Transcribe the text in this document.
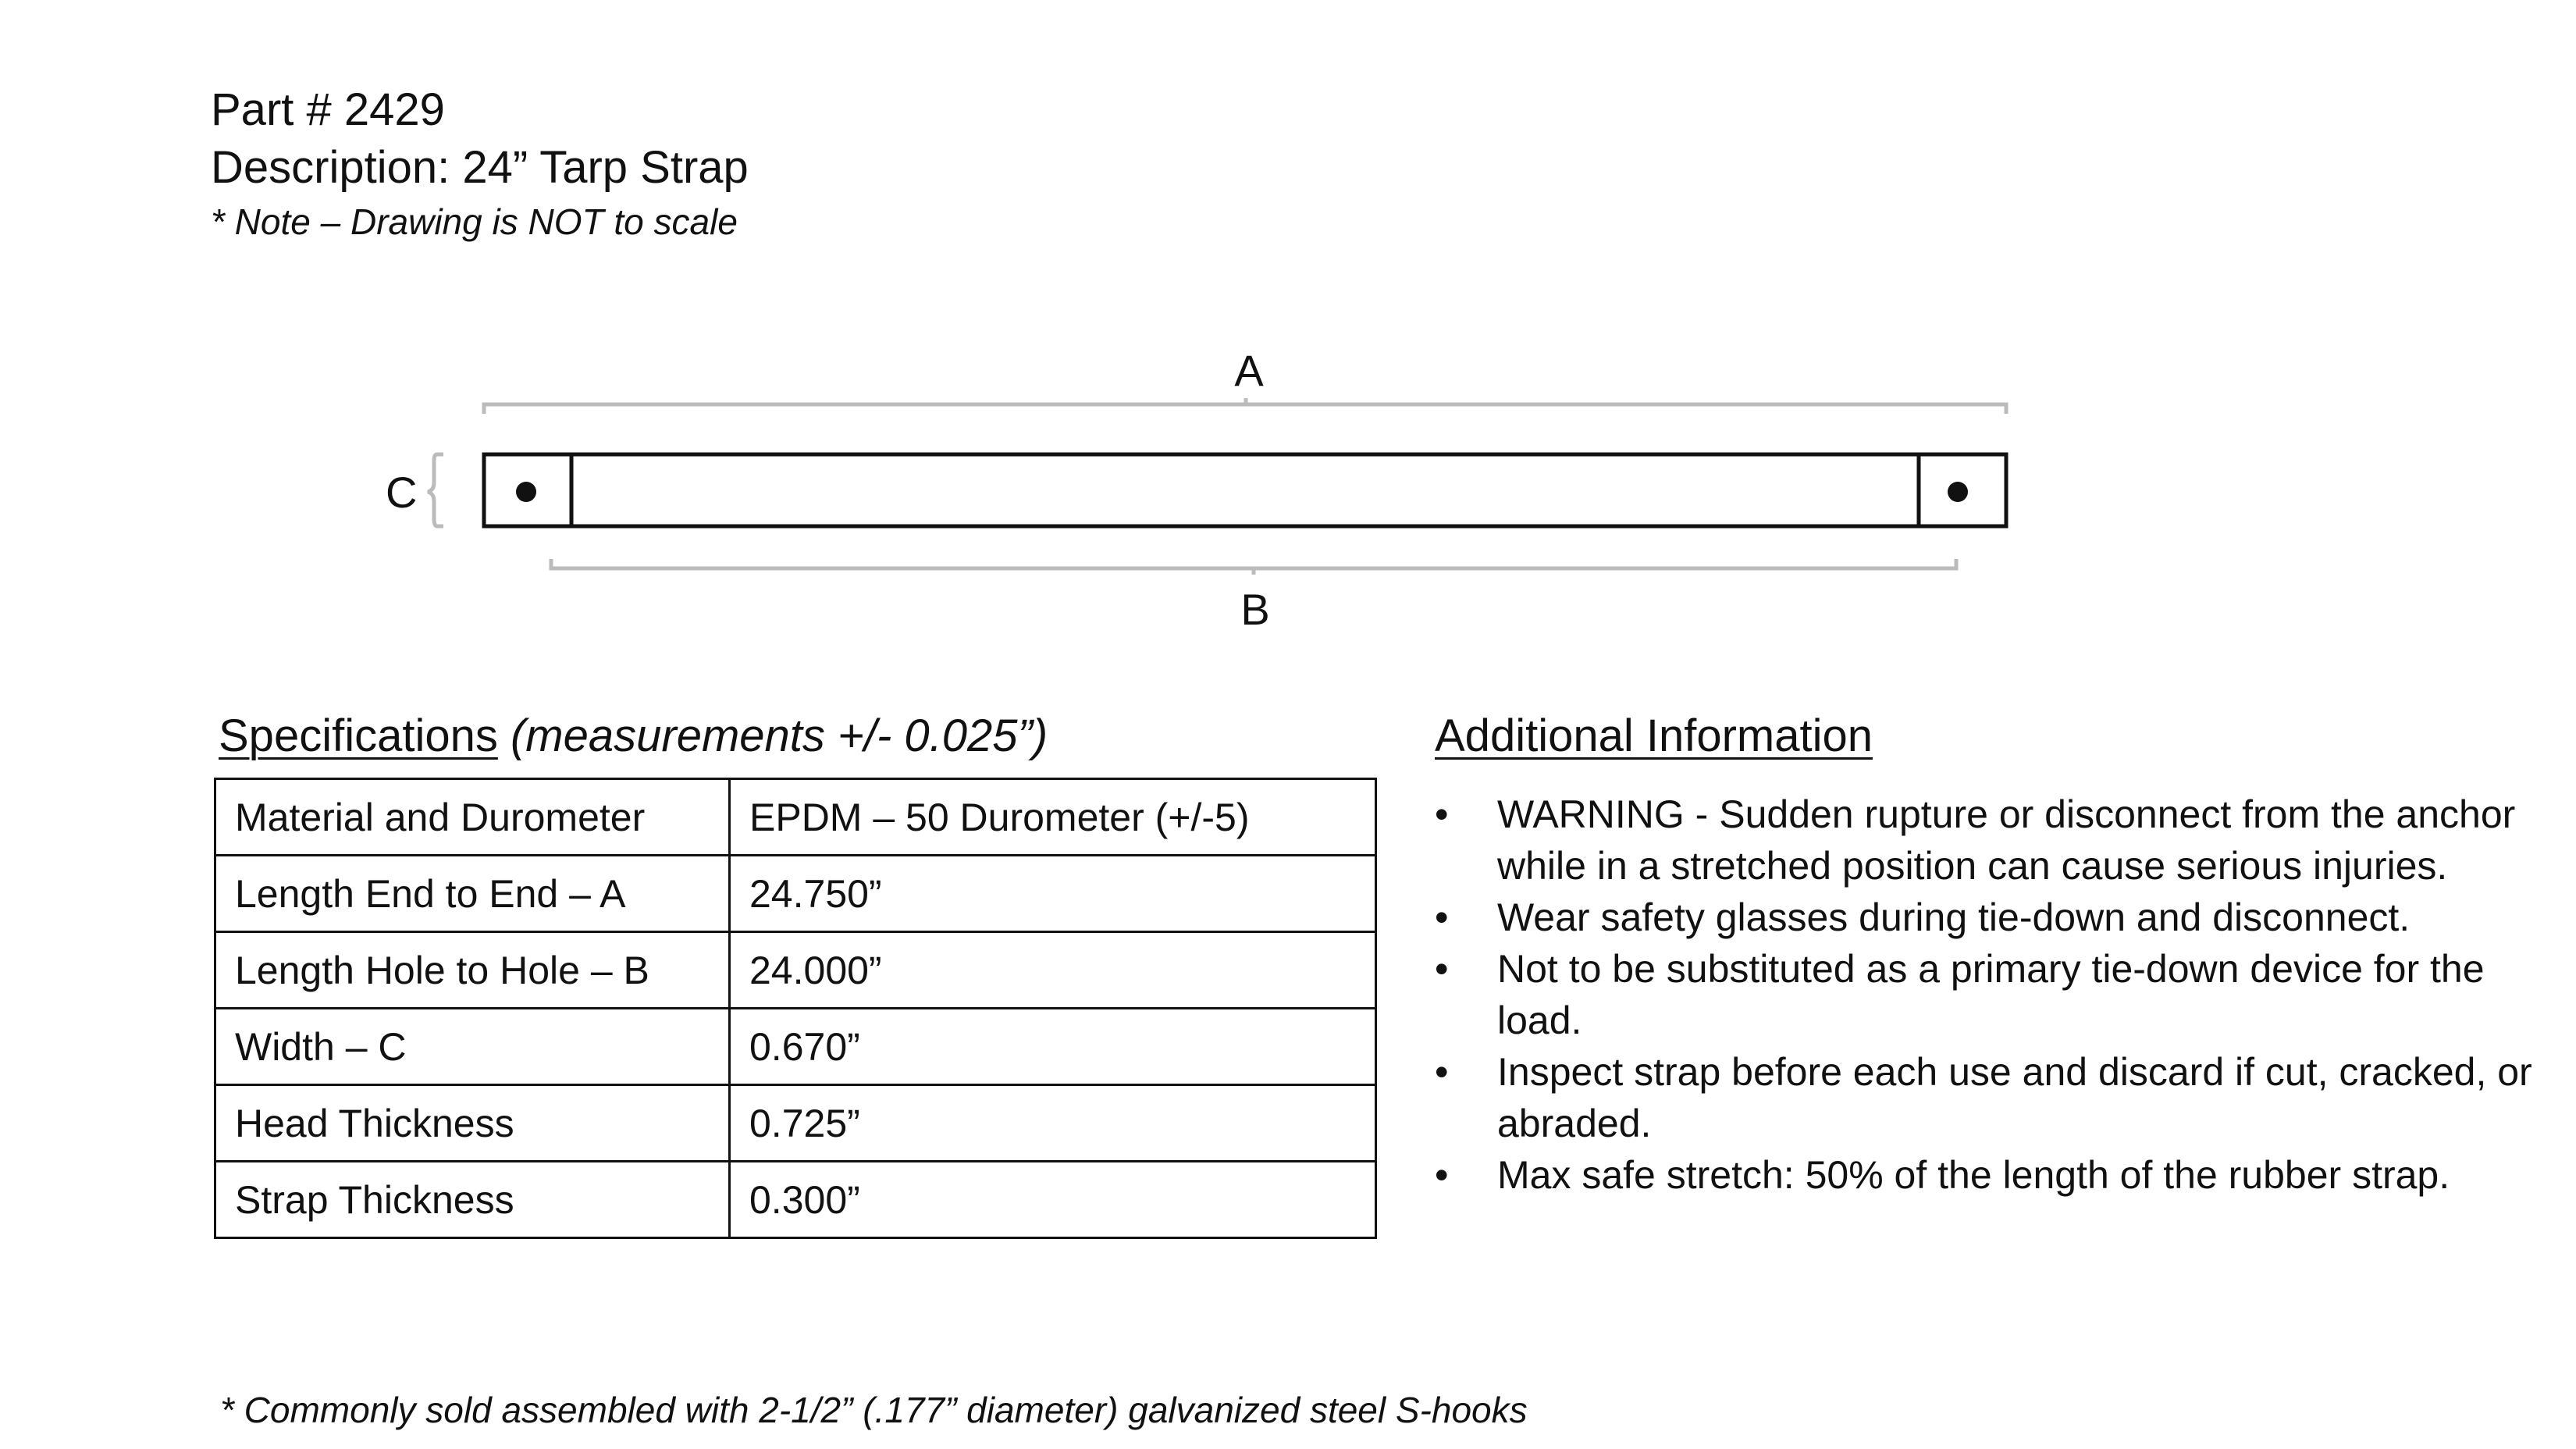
Part # 2429
Description: 24” Tarp Strap
* Note – Drawing is NOT to scale
A
C
B
Specifications (measurements +/- 0.025”)
Material and Durometer	EPDM – 50 Durometer (+/-5)
Length End to End – A	24.750”
Length Hole to Hole – B	24.000”
Width – C	0.670”
Head Thickness	0.725”
Strap Thickness	0.300”
Additional Information
• WARNING - Sudden rupture or disconnect from the anchor while in a stretched position can cause serious injuries.
• Wear safety glasses during tie-down and disconnect.
• Not to be substituted as a primary tie-down device for the load.
• Inspect strap before each use and discard if cut, cracked, or abraded.
• Max safe stretch: 50% of the length of the rubber strap.
* Commonly sold assembled with 2-1/2” (.177” diameter) galvanized steel S-hooks
